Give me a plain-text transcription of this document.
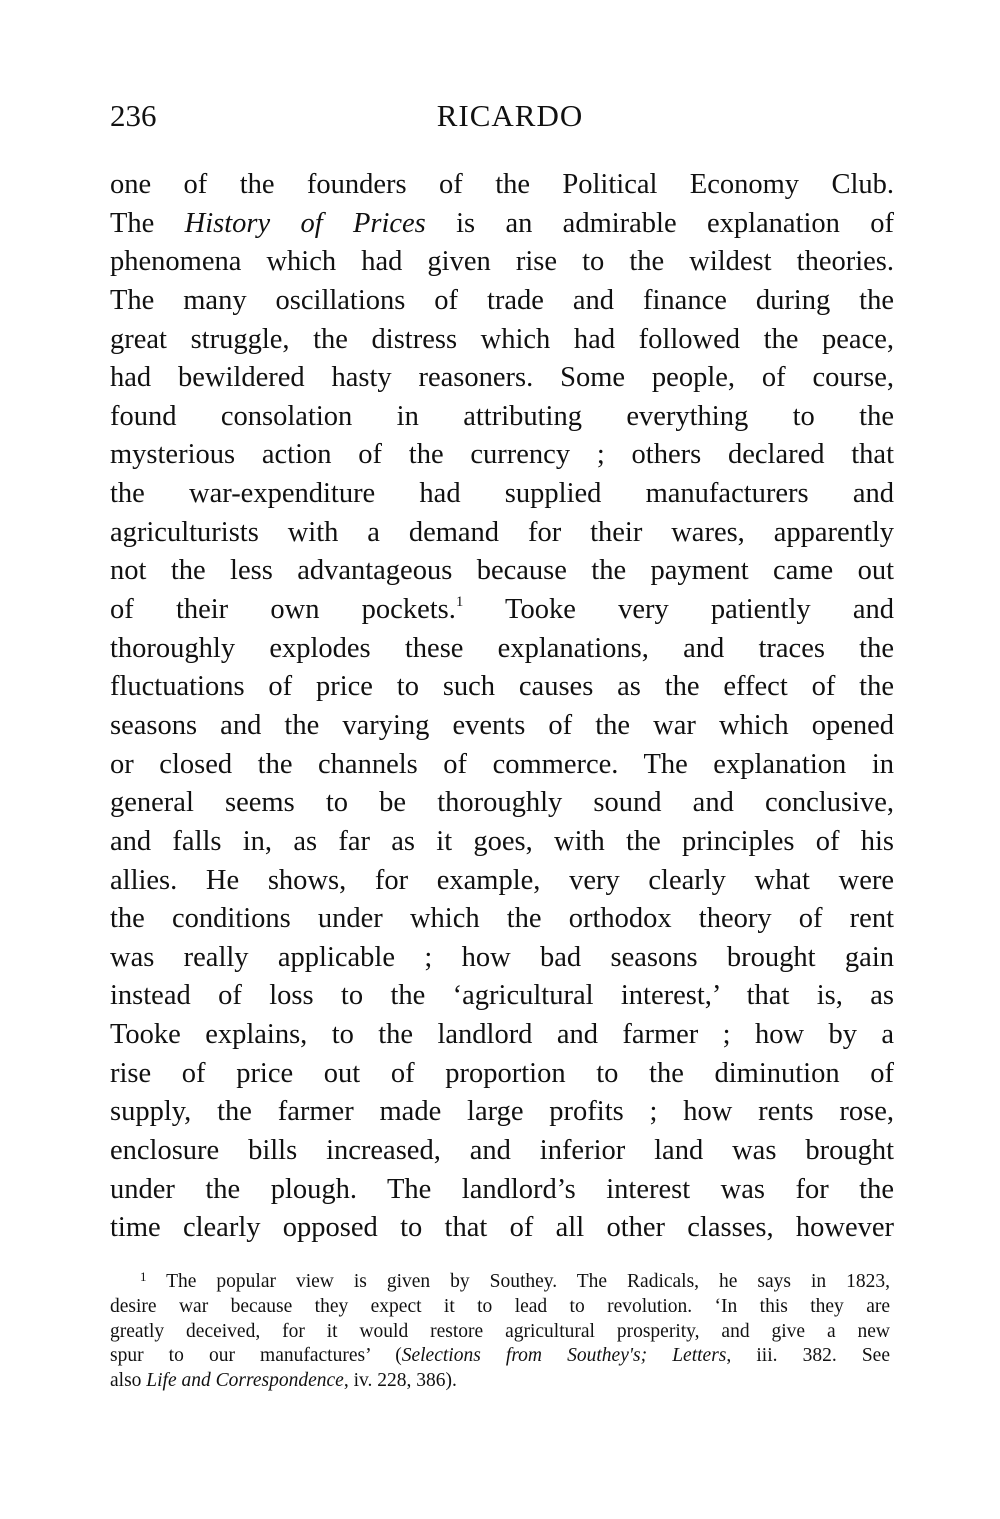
236	RICARDO
one of the founders of the Political Economy Club.
The History of Prices is an admirable explanation of
phenomena which had given rise to the wildest theories.
The many oscillations of trade and finance during the
great struggle, the distress which had followed the peace,
had bewildered hasty reasoners. Some people, of course,
found consolation in attributing everything to the
mysterious action of the currency ; others declared that
the war-expenditure had supplied manufacturers and
agriculturists with a demand for their wares, apparently
not the less advantageous because the payment came out
of their own pockets.$^1$ Tooke very patiently and
thoroughly explodes these explanations, and traces the
fluctuations of price to such causes as the effect of the
seasons and the varying events of the war which opened
or closed the channels of commerce. The explanation in
general seems to be thoroughly sound and conclusive,
and falls in, as far as it goes, with the principles of his
allies. He shows, for example, very clearly what were
the conditions under which the orthodox theory of rent
was really applicable ; how bad seasons brought gain
instead of loss to the ‘agricultural interest,’ that is, as
Tooke explains, to the landlord and farmer ; how by a
rise of price out of proportion to the diminution of
supply, the farmer made large profits ; how rents rose,
enclosure bills increased, and inferior land was brought
under the plough. The landlord’s interest was for the
time clearly opposed to that of all other classes, however
$^1$ The popular view is given by Southey. The Radicals, he says in 1823,
desire war because they expect it to lead to revolution. ‘In this they are
greatly deceived, for it would restore agricultural prosperity, and give a new
spur to our manufactures’ (Selections from Southey's; Letters, iii. 382. See
also Life and Correspondence, iv. 228, 386).
